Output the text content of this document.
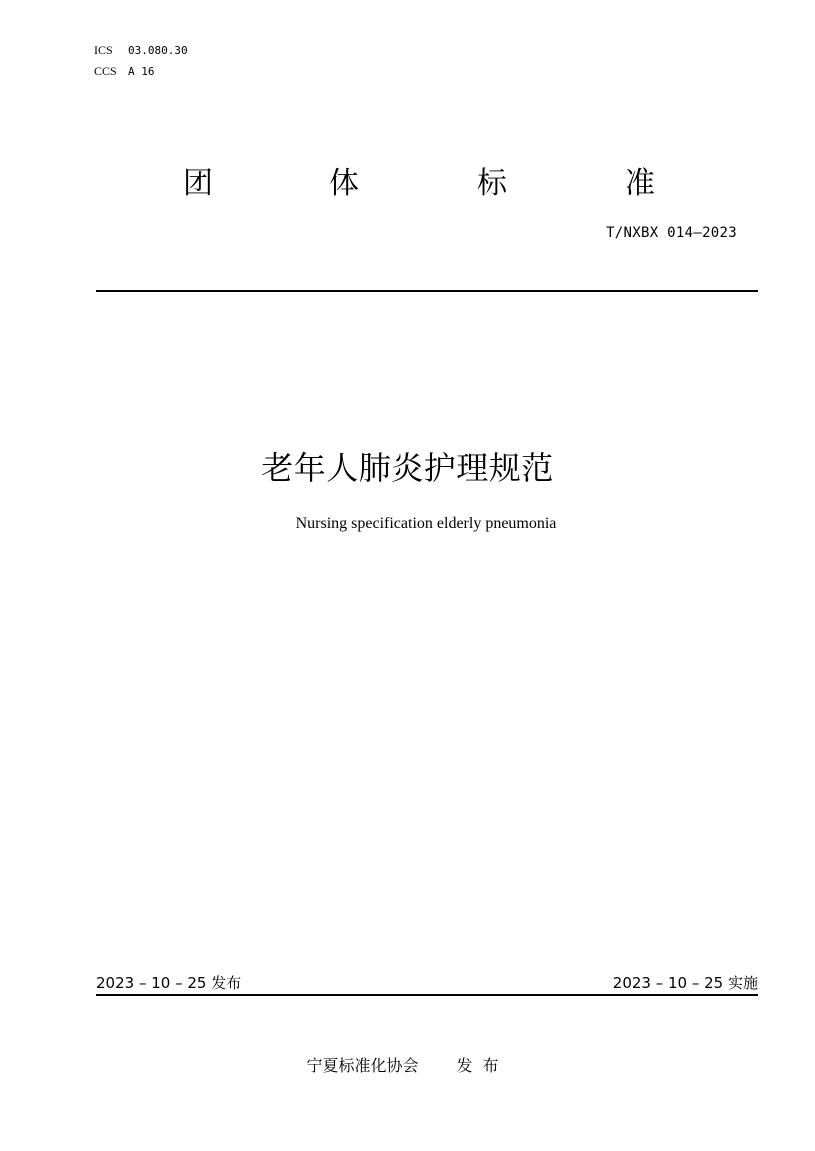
ICS	03.080.30
CCS	A 16
团	体	标	准
T/NXBX 014—2023
老年人肺炎护理规范
Nursing specification elderly pneumonia
2023 – 10 – 25 发布	2023 – 10 – 25 实施
宁夏标准化协会 发布
